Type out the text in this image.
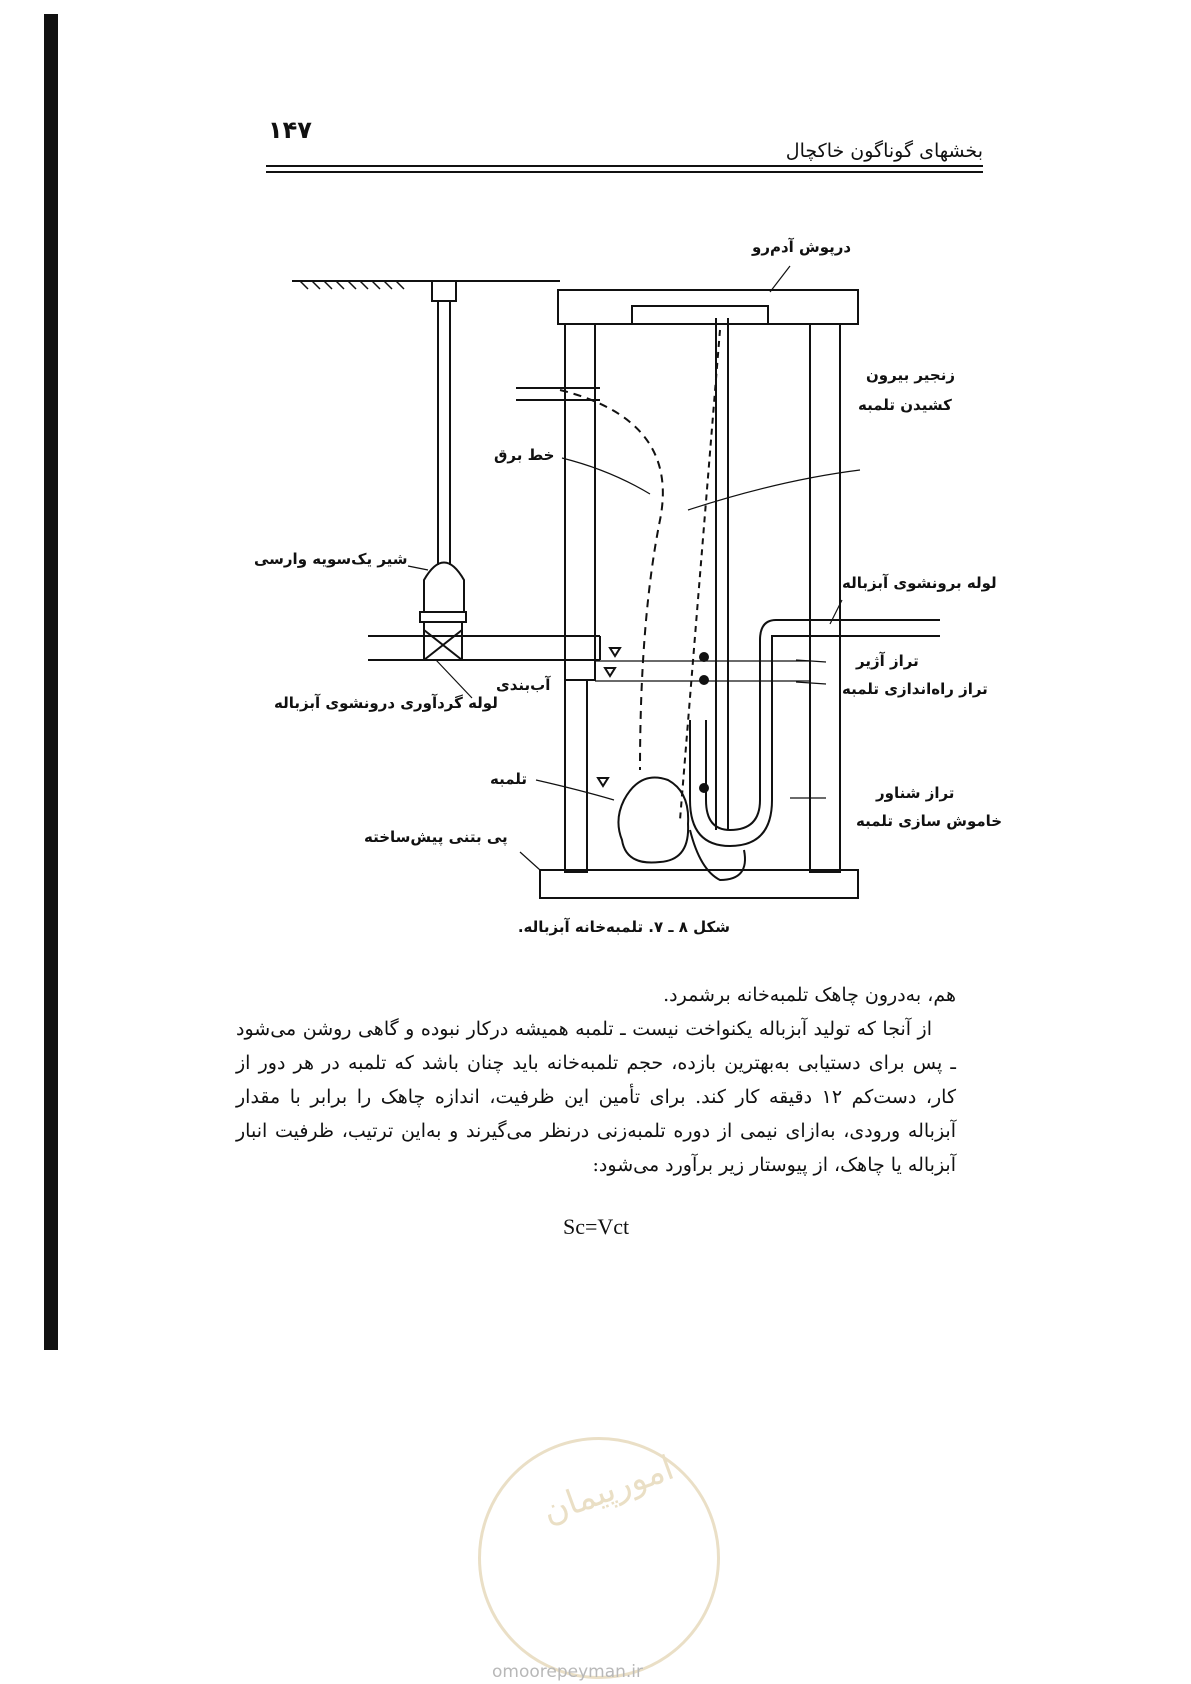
۱۴۷
بخشهای گوناگون خاکچال
درپوش آدم‌رو
زنجیر بیرون
کشیدن تلمبه
خط برق
شیر یک‌سویه وارسی
لوله برونشوی آبزباله
تراز آژیر
تراز راه‌اندازی تلمبه
آب‌بندی
لوله گردآوری درونشوی آبزباله
تلمبه
تراز شناور
خاموش سازی تلمبه
پی بتنی پیش‌ساخته
شکل ۸ ـ ۷. تلمبه‌خانه آبزباله.

هم، به‌درون چاهک تلمبه‌خانه برشمرد.

از آنجا که تولید آبزباله یکنواخت نیست ـ تلمبه همیشه درکار نبوده و گاهی روشن می‌شود ـ پس برای دستیابی به‌بهترین بازده، حجم تلمبه‌خانه باید چنان باشد که تلمبه در هر دور از کار، دست‌کم ۱۲ دقیقه کار کند. برای تأمین این ظرفیت، اندازه چاهک را برابر با مقدار آبزباله ورودی، به‌ازای نیمی از دوره تلمبه‌زنی درنظر می‌گیرند و به‌این ترتیب، ظرفیت انبار آبزباله یا چاهک، از پیوستار زیر برآورد می‌شود:

Sc=Vct
امورپیمان
omoorepeyman.ir
